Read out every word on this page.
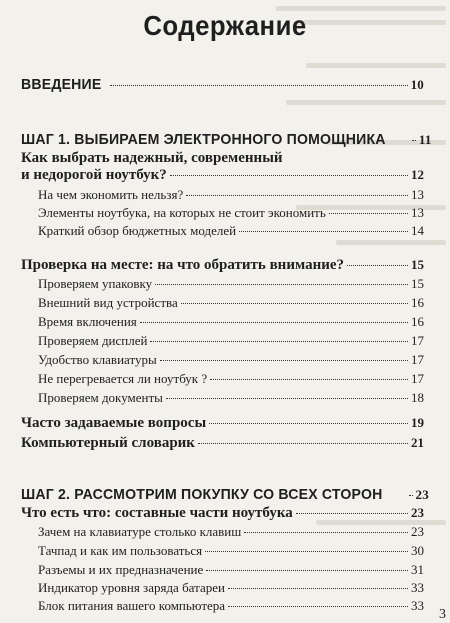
Содержание
ВВЕДЕНИЕ	10
ШАГ 1. ВЫБИРАЕМ ЭЛЕКТРОННОГО ПОМОЩНИКА	11
Как выбрать надежный, современный
и недорогой ноутбук?	12
На чем экономить нельзя?	13
Элементы ноутбука, на которых не стоит экономить	13
Краткий обзор бюджетных моделей	14
Проверка на месте: на что обратить внимание?	15
Проверяем упаковку	15
Внешний вид устройства	16
Время включения	16
Проверяем дисплей	17
Удобство клавиатуры	17
Не перегревается ли ноутбук ?	17
Проверяем документы	18
Часто задаваемые вопросы	19
Компьютерный словарик	21
ШАГ 2. РАССМОТРИМ ПОКУПКУ СО ВСЕХ СТОРОН	23
Что есть что: составные части ноутбука	23
Зачем на клавиатуре столько клавиш	23
Тачпад и как им пользоваться	30
Разъемы и их предназначение	31
Индикатор уровня заряда батареи	33
Блок питания вашего компьютера	33
3
